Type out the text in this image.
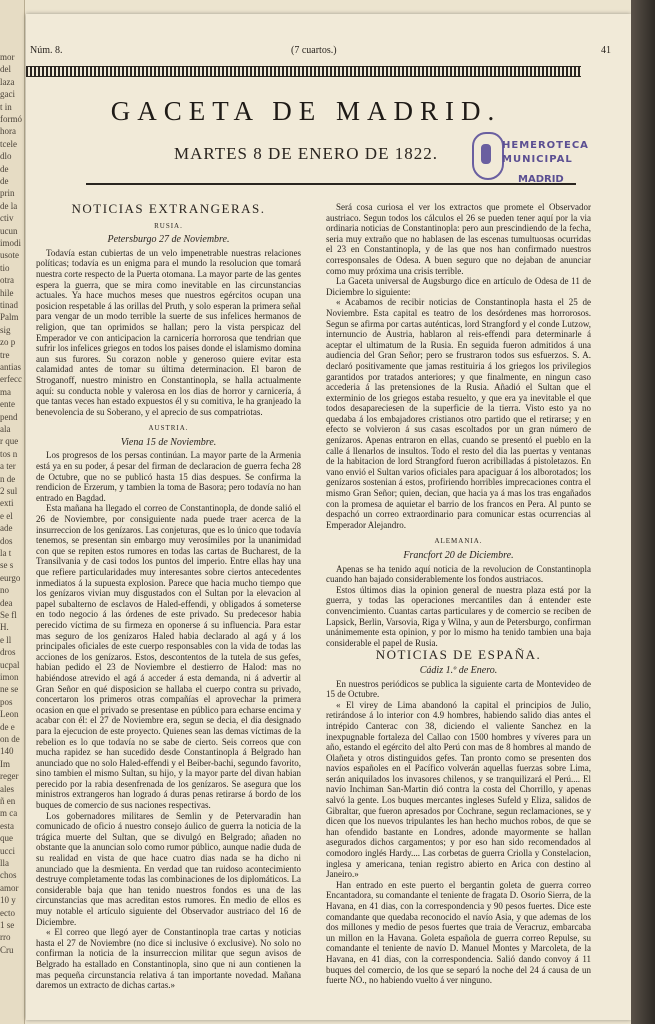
mor
del
laza
gaci
t in
formó
hora
tcele
dlo
de
de
prin
de la
ctiv
ucun
imodi
usote
tio
otra
hile
tinad
Palm
sig
zo p
tre
antias
erfecc
ma
ente
pend
ala
r que
tos n
a ter
n de
2 sul
exti
e el
ade
dos
la t
se s
eurgo
no
dea
Se fl
H.
e ll
dros
ucpal
imon
ne se
pos
Leon
de e
on de
140
Im
reger
ales
ñ en
m ca
esta
que
ucci
lla
chos
amor
10 y
ecto
1 se
rro
Cru
Núm. 8.	(7 cuartos.)	41
GACETA DE MADRID.
MARTES 8 DE ENERO DE 1822.	HEMEROTECA
MUNICIPAL
MADRID
NOTICIAS EXTRANGERAS.
RUSIA.
Petersburgo 27 de Noviembre.

Todavía estan cubiertas de un velo impenetrable nuestras relaciones políticas; todavía es un enigma para el mundo la resolucion que tomará nuestra corte respecto de la Puerta otomana. La mayor parte de las gentes espera la guerra, que se mira como inevitable en las circunstancias actuales. Ya hace muchos meses que nuestros egércitos ocupan una posicion respetable á las orillas del Pruth, y solo esperan la primera señal para vengar de un modo terrible la suerte de sus infelices hermanos de religion, que tan oprimidos se hallan; pero la vista perspicaz del Emperador ve con anticipacion la carnicería horrorosa que tendrian que sufrir los infelices griegos en todos los paises donde el islamismo domina aun sus furores. Su corazon noble y generoso quiere evitar esta calamidad antes de tomar su última determinacion. El baron de Stroganoff, nuestro ministro en Constantinopla, se halla actualmente aquí: su conducta noble y valerosa en los dias de horror y carnicería, á que tantas veces han estado expuestos él y su comitiva, le ha granjeado la benevolencia de su Soberano, y el aprecio de sus compatriotas.

AUSTRIA.
Viena 15 de Noviembre.

Los progresos de los persas continúan. La mayor parte de la Armenia está ya en su poder, á pesar del firman de declaracion de guerra fecha 28 de Octubre, que no se publicó hasta 15 dias despues. Se confirma la rendicion de Erzerum, y tambien la toma de Basora; pero todavía no han entrado en Bagdad.

Esta mañana ha llegado el correo de Constantinopla, de donde salió el 26 de Noviembre, por consiguiente nada puede traer acerca de la insurreccion de los genízaros. Las conjeturas, que es lo único que todavía tenemos, se presentan sin embargo muy verosímiles por la unanimidad con que se repiten estos rumores en todas las cartas de Bucharest, de la Transilvania y de casi todos los puntos del imperio. Entre ellas hay una que refiere particularidades muy interesantes sobre ciertos antecedentes inmediatos á la supuesta explosion. Parece que hacia mucho tiempo que los genízaros vivian muy disgustados con el Sultan por la elevacion al papel subalterno de esclavos de Haled-effendi, y obligados á someterse en todo negocio á las órdenes de este privado. Su predecesor habia perecido víctima de su firmeza en oponerse á su influencia. Para estar mas seguro de los genízaros Haled habia declarado al agá y á los principales oficiales de este cuerpo responsables con la vida de todas las acciones de los genízaros. Estos, descontentos de la tutela de sus gefes, habian pedido el 23 de Noviembre el destierro de Halod: mas no habiéndose atrevido el agá á acceder á esta demanda, ni á advertir al Gran Señor en qué disposicion se hallaba el cuerpo contra su privado, concertaron los primeros otras compañías el aprovechar la primera ocasion en que el privado se presentase en público para echarse encima y acabar con él: el 27 de Noviembre era, segun se decia, el dia designado para la ejecucion de este proyecto. Quienes sean las demas víctimas de la rebelion es lo que todavía no se sabe de cierto. Seis correos que con mucha rapidez se han sucedido desde Constantinopla á Belgrado han anunciado que no solo Haled-effendi y el Beiber-bachi, segundo favorito, sino tambien el mismo Sultan, su hijo, y la mayor parte del divan habian perecido por la rabia desenfrenada de los genízaros. Se asegura que los ministros extrangeros han logrado á duras penas retirarse á bordo de los buques de comercio de sus naciones respectivas.

Los gobernadores militares de Semlin y de Petervaradin han comunicado de oficio á nuestro consejo áulico de guerra la noticia de la trágica muerte del Sultan, que se divulgó en Belgrado; añaden no obstante que la anuncian solo como rumor público, aunque nadie duda de su realidad en vista de que hace cuatro dias nada se ha dicho ni anunciado que la desmienta. En verdad que tan ruidoso acontecimiento destruye completamente todas las combinaciones de los diplomáticos. La considerable baja que han tenido nuestros fondos es una de las circunstancias que mas acreditan estos rumores. En medio de ellos es muy notable el artículo siguiente del Observador austriaco del 16 de Diciembre.

« El correo que llegó ayer de Constantinopla trae cartas y noticias hasta el 27 de Noviembre (no dice si inclusive ó exclusive). No solo no confirman la noticia de la insurreccion militar que segun avisos de Belgrado ha estallado en Constantinopla, sino que ni aun contienen la mas pequeña circunstancia relativa á tan importante novedad. Mañana daremos un extracto de dichas cartas.»

Será cosa curiosa el ver los extractos que promete el Observador austriaco. Segun todos los cálculos el 26 se pueden tener aquí por la via ordinaria noticias de Constantinopla: pero aun prescindiendo de la fecha, seria muy extraño que no hablasen de las escenas tumultuosas ocurridas el 23 en Constantinopla, y de las que nos han confirmado nuestros corresponsales de Odesa. A buen seguro que no dejaban de anunciar como muy próxima una crisis terrible.

La Gaceta universal de Augsburgo dice en artículo de Odesa de 11 de Diciembre lo siguiente:

« Acabamos de recibir noticias de Constantinopla hasta el 25 de Noviembre. Esta capital es teatro de los desórdenes mas horrorosos. Segun se afirma por cartas auténticas, lord Strangford y el conde Lutzow, internuncio de Austria, hablaron al reis-effendi para determinarle á aceptar el ultimatum de la Rusia. En seguida fueron admitidos á una audiencia del Gran Señor; pero se frustraron todos sus esfuerzos. S. A. declaró positivamente que jamas restituiria á los griegos los privilegios garantidos por tratados anteriores; y que finalmente, en ningun caso accederia á las pretensiones de la Rusia. Añadió el Sultan que el exterminio de los griegos estaba resuelto, y que era ya inevitable el que todos desapareciesen de la superficie de la tierra. Visto esto ya no quedaba á los embajadores cristianos otro partido que el retirarse; y en efecto se volvieron á sus casas escoltados por un gran número de genízaros. Apenas entraron en ellas, cuando se presentó el pueblo en la calle á llenarlos de insultos. Todo el resto del dia las puertas y ventanas de la habitacion de lord Strangford fueron acribilladas á pistoletazos. En vano envió el Sultan varios oficiales para apaciguar á los alborotados; los genízaros sostenian á estos, profiriendo horribles imprecaciones contra el mismo Gran Señor; quien, decian, que hacia ya á mas los tras engañados con la promesa de aquietar el barrio de los francos en Pera. Al punto se despachó un correo extraordinario para comunicar estas ocurrencias al Emperador Alejandro.

ALEMANIA.
Francfort 20 de Diciembre.

Apenas se ha tenido aquí noticia de la revolucion de Constantinopla cuando han bajado considerablemente los fondos austriacos.

Estos últimos dias la opinion general de nuestra plaza está por la guerra, y todas las operaciones mercantiles dan á entender este convencimiento. Cuantas cartas particulares y de comercio se reciben de Lapsick, Berlin, Varsovia, Riga y Wilna, y aun de Petersburgo, confirman unánimemente esta opinion, y por lo mismo ha tenido tambien una baja considerable el papel de Rusia.

NOTICIAS DE ESPAÑA.
Cádiz 1.º de Enero.

En nuestros periódicos se publica la siguiente carta de Montevideo de 15 de Octubre.

« El virey de Lima abandonó la capital el principios de Julio, retirándose á lo interior con 4.9 hombres, habiendo salido dias antes el intrépido Canterac con 38, diciendo el valiente Sanchez en la inexpugnable fortaleza del Callao con 1500 hombres y víveres para un año, estando el egército del alto Perú con mas de 8 hombres al mando de Olañeta y otros distinguidos gefes. Tan pronto como se presenten dos navíos españoles en el Pacífico volverán aquellas fuerzas sobre Lima, serán aniquilados los invasores chilenos, y se tranquilizará el Perú.... El navío Inchiman San-Martin dió contra la costa del Chorrillo, y apenas salvó la gente. Los buques mercantes ingleses Sufeld y Eliza, salidos de Gibraltar, que fueron apresados por Cochrane, segun reclamaciones, se y dicen que los nuevos tripulantes les han hecho muchos robos, de que se han ofendido bastante en Londres, adonde mayormente se hallan asegurados dichos cargamentos; y por eso han sido recomendados al comodoro inglés Hardy.... Las corbetas de guerra Criolla y Constelacion, inglesa y americana, tenian registro abierto en Arica con destino al Janeiro.»

Han entrado en este puerto el bergantin goleta de guerra correo Encantadora, su comandante el teniente de fragata D. Osorio Sierra, de la Havana, en 41 dias, con la correspondencia y 90 pesos fuertes. Dice este comandante que quedaba reconocido el navío Asia, y que ademas de los dos millones y medio de pesos fuertes que traia de Veracruz, embarcaba un millon en la Havana. Goleta española de guerra correo Repulse, su comandante el teniente de navío D. Manuel Montes y Marcoleta, de la Havana, en 41 dias, con la correspondencia. Salió dando convoy á 11 buques del comercio, de los que se separó la noche del 24 á causa de un fuerte NO., no habiendo vuelto á ver ninguno.
